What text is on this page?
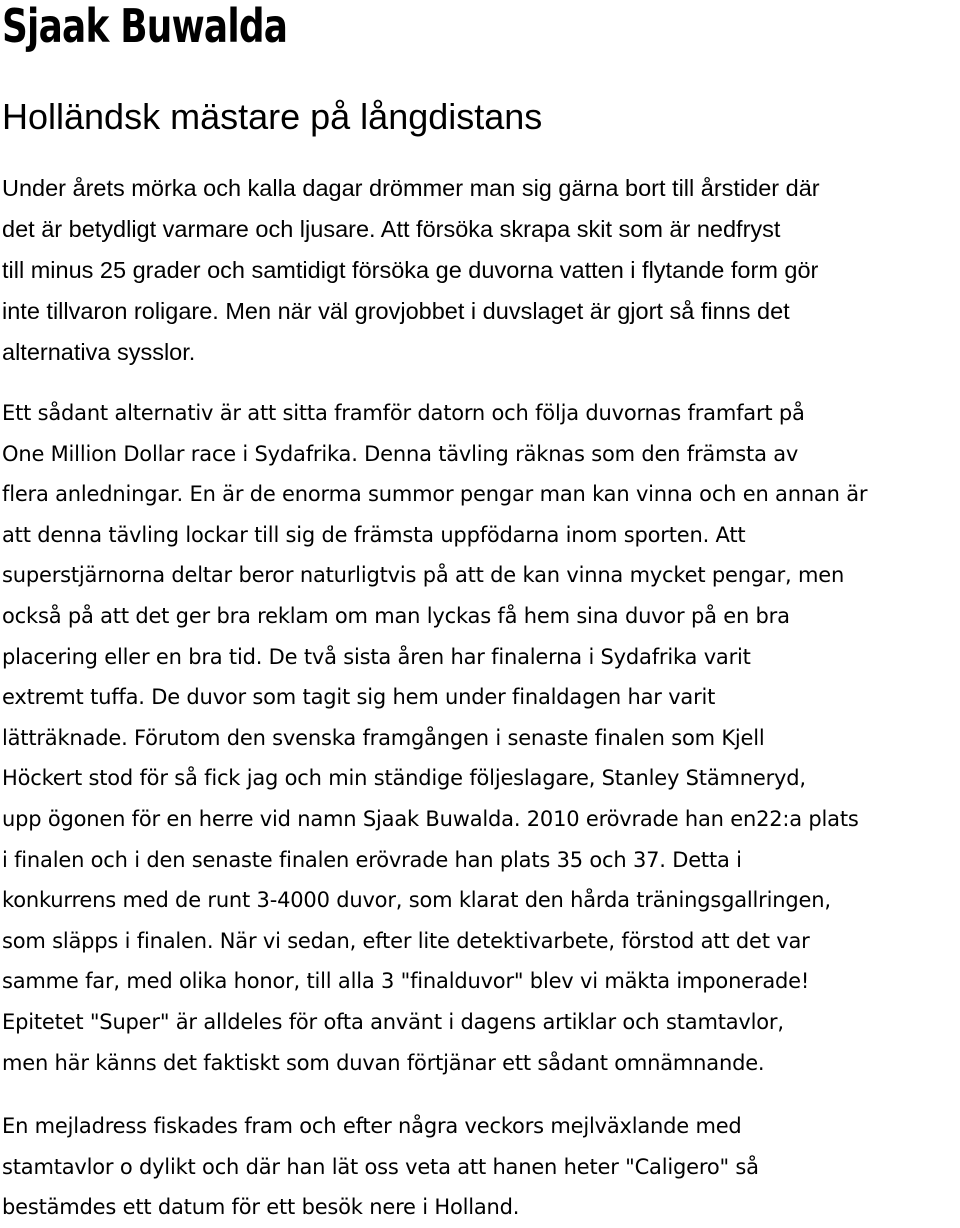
Sjaak Buwalda
Holländsk mästare på långdistans

Under årets mörka och kalla dagar drömmer man sig gärna bort till årstider där
det är betydligt varmare och ljusare. Att försöka skrapa skit som är nedfryst
till minus 25 grader och samtidigt försöka ge duvorna vatten i flytande form gör
inte tillvaron roligare. Men när väl grovjobbet i duvslaget är gjort så finns det
alternativa sysslor.

Ett sådant alternativ är att sitta framför datorn och följa duvornas framfart på
One Million Dollar race i Sydafrika. Denna tävling räknas som den främsta av
flera anledningar. En är de enorma summor pengar man kan vinna och en annan är
att denna tävling lockar till sig de främsta uppfödarna inom sporten. Att
superstjärnorna deltar beror naturligtvis på att de kan vinna mycket pengar, men
också på att det ger bra reklam om man lyckas få hem sina duvor på en bra
placering eller en bra tid. De två sista åren har finalerna i Sydafrika varit
extremt tuffa. De duvor som tagit sig hem under finaldagen har varit
lätträknade. Förutom den svenska framgången i senaste finalen som Kjell
Höckert stod för så fick jag och min ständige följeslagare, Stanley Stämneryd,
upp ögonen för en herre vid namn Sjaak Buwalda. 2010 erövrade han en22:a plats
i finalen och i den senaste finalen erövrade han plats 35 och 37. Detta i
konkurrens med de runt 3-4000 duvor, som klarat den hårda träningsgallringen,
som släpps i finalen. När vi sedan, efter lite detektivarbete, förstod att det var
samme far, med olika honor, till alla 3 "finalduvor" blev vi mäkta imponerade!
Epitetet "Super" är alldeles för ofta använt i dagens artiklar och stamtavlor,
men här känns det faktiskt som duvan förtjänar ett sådant omnämnande.

En mejladress fiskades fram och efter några veckors mejlväxlande med
stamtavlor o dylikt och där han lät oss veta att hanen heter "Caligero" så
bestämdes ett datum för ett besök nere i Holland.
